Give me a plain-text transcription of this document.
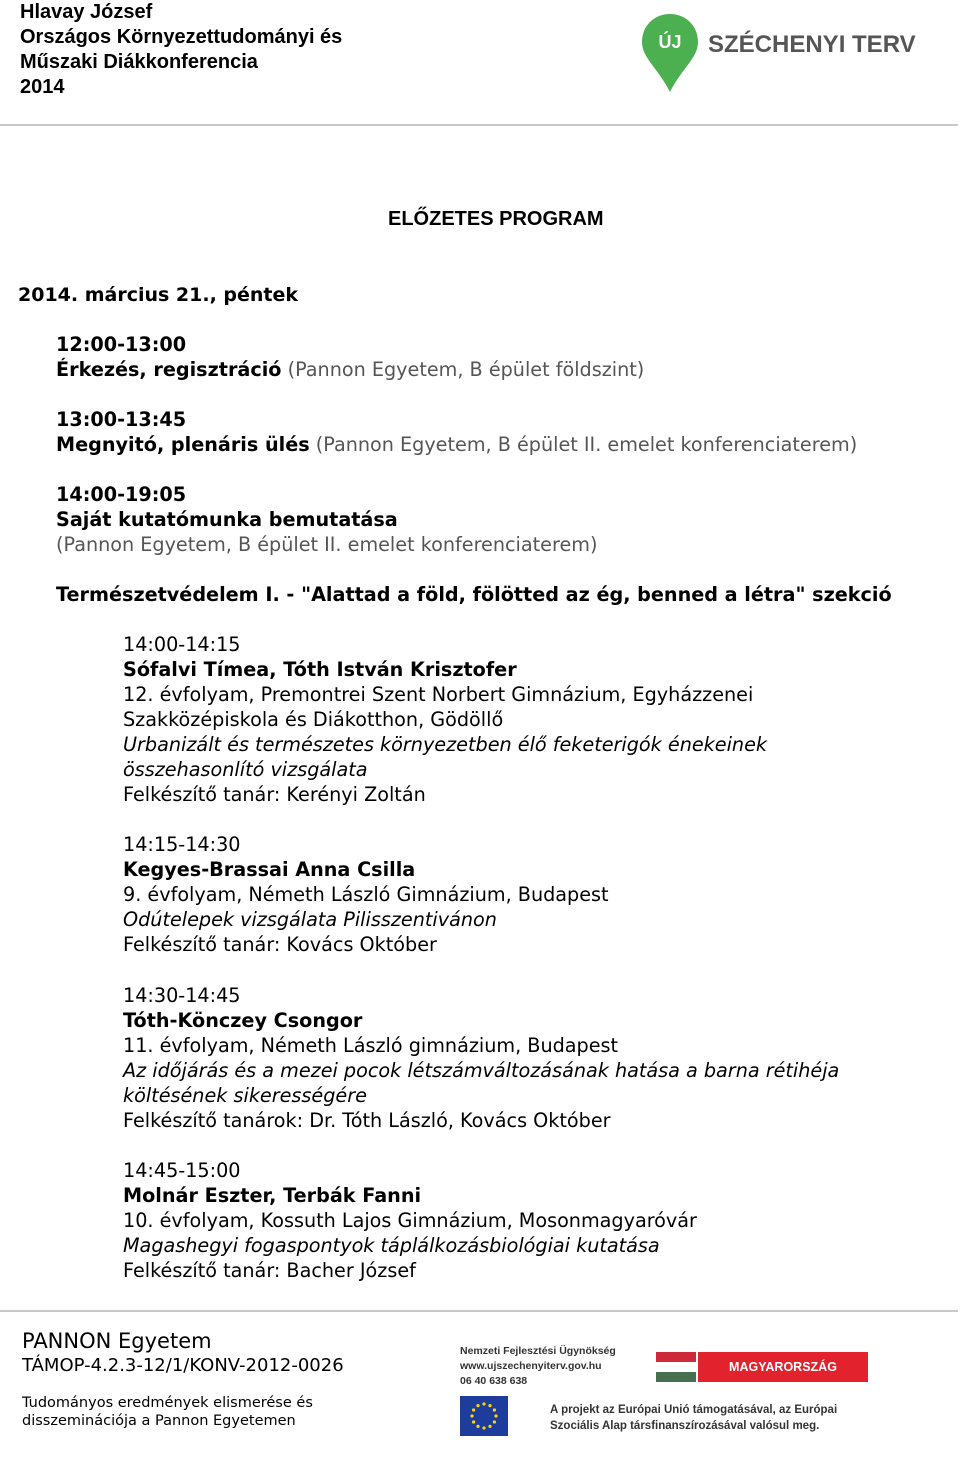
Hlavay József
Országos Környezettudományi és
Műszaki Diákkonferencia
2014
ÚJ SZÉCHENYI TERV
ELŐZETES PROGRAM
2014. március 21., péntek
12:00-13:00
Érkezés, regisztráció (Pannon Egyetem, B épület földszint)
13:00-13:45
Megnyitó, plenáris ülés (Pannon Egyetem, B épület II. emelet konferenciaterem)
14:00-19:05
Saját kutatómunka bemutatása
(Pannon Egyetem, B épület II. emelet konferenciaterem)
Természetvédelem I. - "Alattad a föld, fölötted az ég, benned a létra" szekció
14:00-14:15
Sófalvi Tímea, Tóth István Krisztofer
12. évfolyam, Premontrei Szent Norbert Gimnázium, Egyházzenei
Szakközépiskola és Diákotthon, Gödöllő
Urbanizált és természetes környezetben élő feketerigók énekeinek
összehasonlító vizsgálata
Felkészítő tanár: Kerényi Zoltán
14:15-14:30
Kegyes-Brassai Anna Csilla
9. évfolyam, Németh László Gimnázium, Budapest
Odútelepek vizsgálata Pilisszentivánon
Felkészítő tanár: Kovács Október
14:30-14:45
Tóth-Könczey Csongor
11. évfolyam, Németh László gimnázium, Budapest
Az időjárás és a mezei pocok létszámváltozásának hatása a barna rétihéja
költésének sikerességére
Felkészítő tanárok: Dr. Tóth László, Kovács Október
14:45-15:00
Molnár Eszter, Terbák Fanni
10. évfolyam, Kossuth Lajos Gimnázium, Mosonmagyaróvár
Magashegyi fogaspontyok táplálkozásbiológiai kutatása
Felkészítő tanár: Bacher József
PANNON Egyetem
TÁMOP-4.2.3-12/1/KONV-2012-0026
Tudományos eredmények elismerése és
disszeminációja a Pannon Egyetemen
Nemzeti Fejlesztési Ügynökség
www.ujszechenyiterv.gov.hu
06 40 638 638
MAGYARORSZÁG MEGÚJUL
A projekt az Európai Unió támogatásával, az Európai
Szociális Alap társfinanszírozásával valósul meg.
